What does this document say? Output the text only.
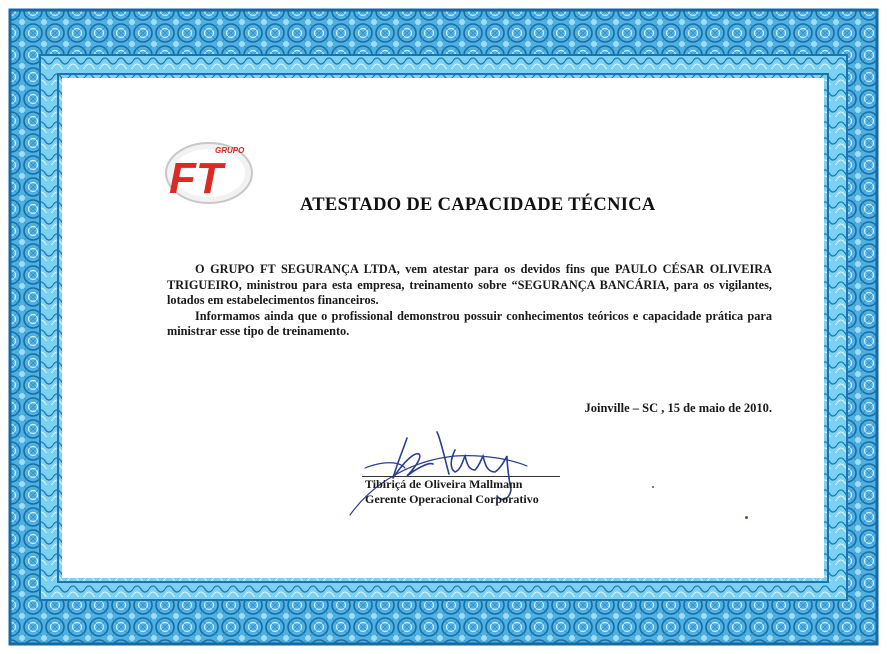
FT
GRUPO
ATESTADO DE CAPACIDADE TÉCNICA

O GRUPO FT SEGURANÇA LTDA, vem atestar para os devidos fins que PAULO CÉSAR OLIVEIRA TRIGUEIRO, ministrou para esta empresa, treinamento sobre “SEGURANÇA BANCÁRIA, para os vigilantes, lotados em estabelecimentos financeiros.

Informamos ainda que o profissional demonstrou possuir conhecimentos teóricos e capacidade prática para ministrar esse tipo de treinamento.

Joinville – SC , 15 de maio de 2010.
Tibiriçá de Oliveira Mallmann
Gerente Operacional Corporativo
